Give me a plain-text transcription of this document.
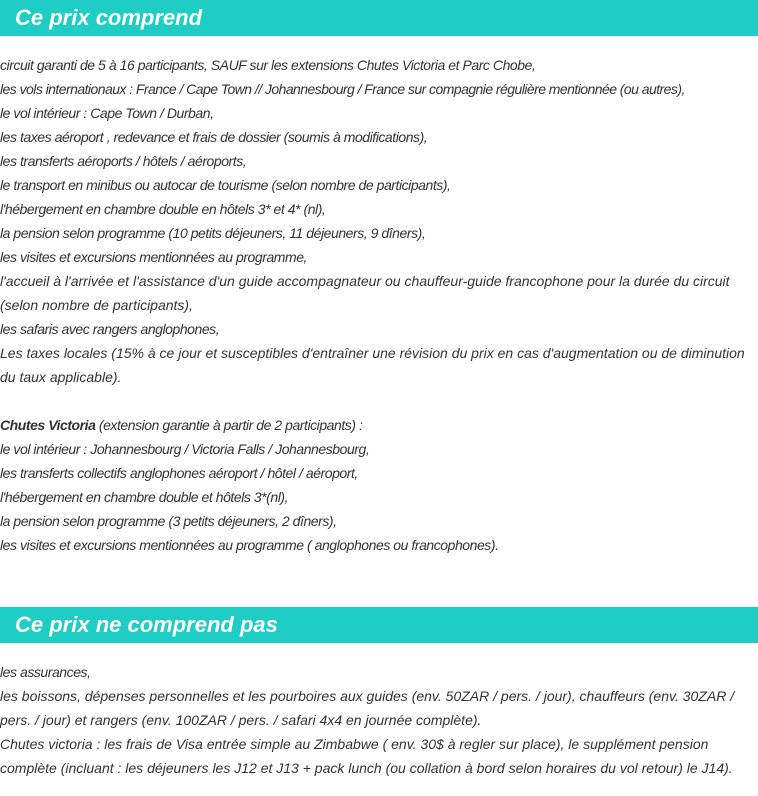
Ce prix comprend

circuit garanti de 5 à 16 participants, SAUF sur les extensions Chutes Victoria et Parc Chobe,

les vols internationaux : France / Cape Town // Johannesbourg / France sur compagnie régulière mentionnée (ou autres),

le vol intérieur : Cape Town / Durban,

les taxes aéroport , redevance et frais de dossier (soumis à modifications),

les transferts aéroports / hôtels / aéroports,

le transport en minibus ou autocar de tourisme (selon nombre de participants),

l'hébergement en chambre double en hôtels 3* et 4* (nl),

la pension selon programme (10 petits déjeuners, 11 déjeuners, 9 dîners),

les visites et excursions mentionnées au programme,

l'accueil à l'arrivée et l'assistance d'un guide accompagnateur ou chauffeur-guide francophone pour la durée du circuit (selon nombre de participants),

les safaris avec rangers anglophones,

Les taxes locales (15% à ce jour et susceptibles d'entraîner une révision du prix en cas d'augmentation ou de diminution du taux applicable).

Chutes Victoria (extension garantie à partir de 2 participants) :

le vol intérieur : Johannesbourg / Victoria Falls / Johannesbourg,

les transferts collectifs anglophones aéroport / hôtel / aéroport,

l'hébergement en chambre double et hôtels 3*(nl),

la pension selon programme (3 petits déjeuners, 2 dîners),

les visites et excursions mentionnées au programme ( anglophones ou francophones).

Ce prix ne comprend pas

les assurances,

les boissons, dépenses personnelles et les pourboires aux guides (env. 50ZAR / pers. / jour), chauffeurs (env. 30ZAR / pers. / jour) et rangers (env. 100ZAR / pers. / safari 4x4 en journée complète).

Chutes victoria : les frais de Visa entrée simple au Zimbabwe ( env. 30$ à regler sur place), le supplément pension complète (incluant : les déjeuners les J12 et J13 + pack lunch (ou collation à bord selon horaires du vol retour) le J14).
